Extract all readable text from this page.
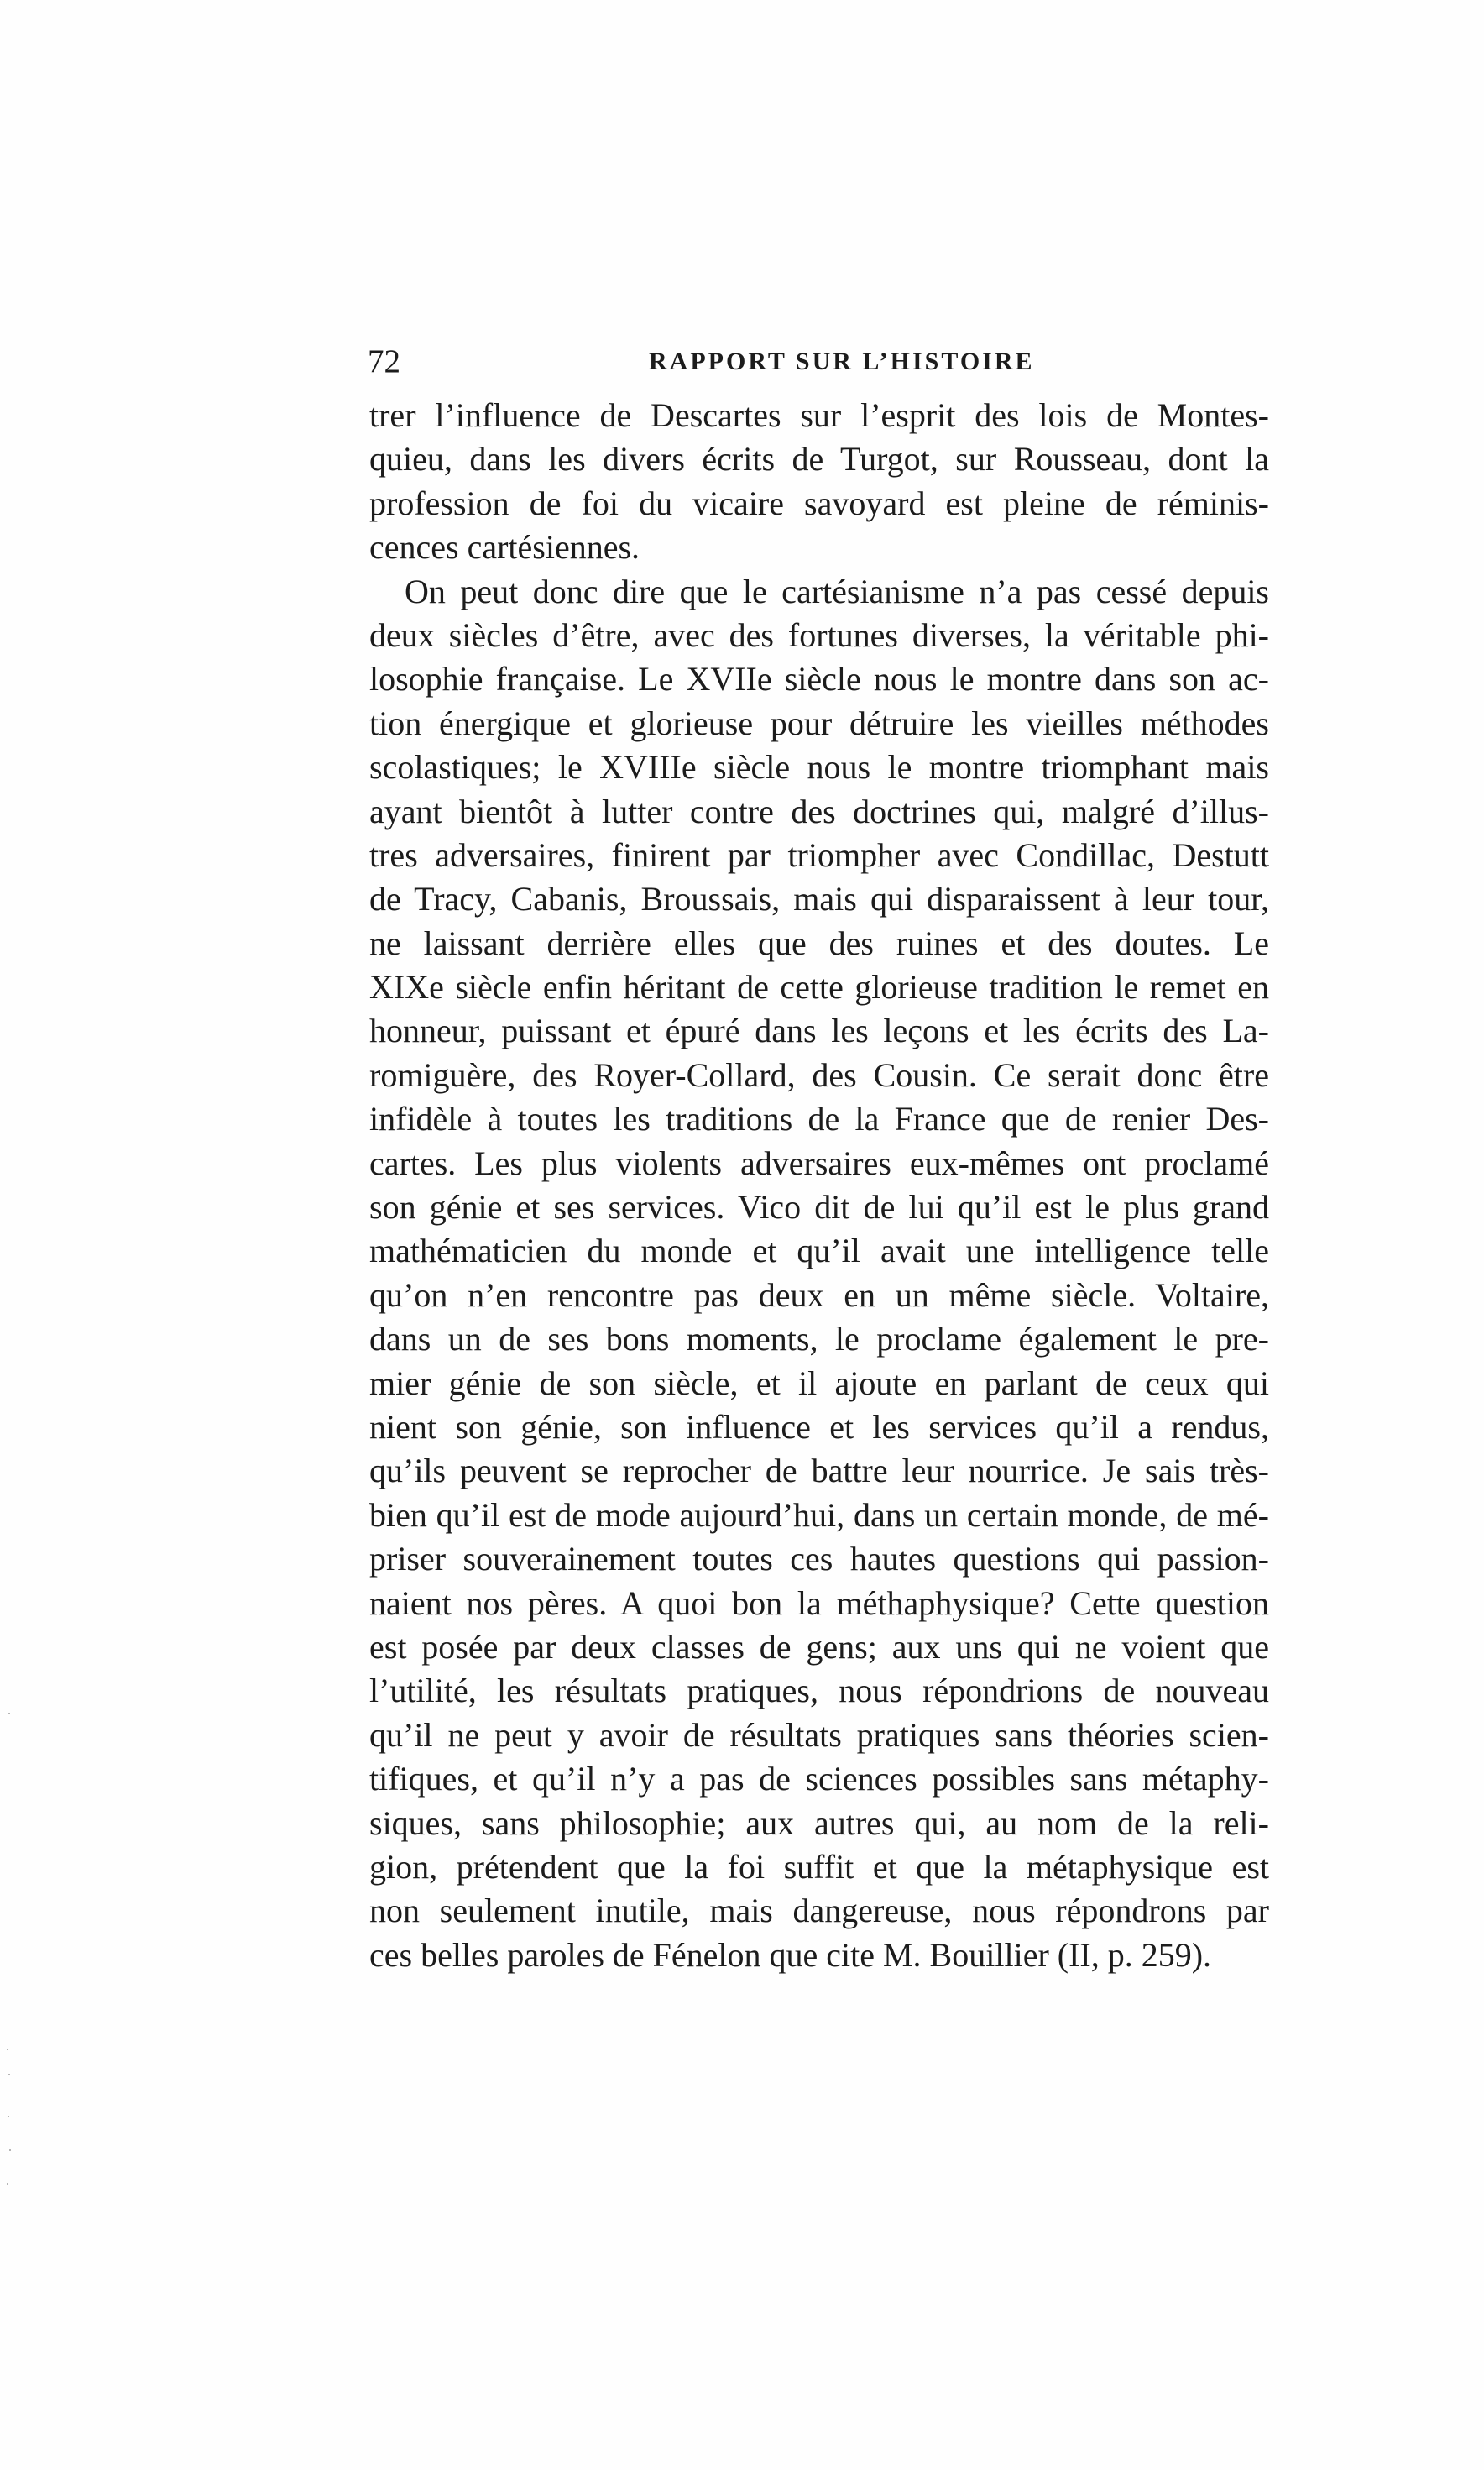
72	RAPPORT SUR L’HISTOIRE
trer l’influence de Descartes sur l’esprit des lois de Montes-
quieu, dans les divers écrits de Turgot, sur Rousseau, dont la
profession de foi du vicaire savoyard est pleine de réminis-
cences cartésiennes.
On peut donc dire que le cartésianisme n’a pas cessé depuis
deux siècles d’être, avec des fortunes diverses, la véritable phi-
losophie française. Le XVIIe siècle nous le montre dans son ac-
tion énergique et glorieuse pour détruire les vieilles méthodes
scolastiques; le XVIIIe siècle nous le montre triomphant mais
ayant bientôt à lutter contre des doctrines qui, malgré d’illus-
tres adversaires, finirent par triompher avec Condillac, Destutt
de Tracy, Cabanis, Broussais, mais qui disparaissent à leur tour,
ne laissant derrière elles que des ruines et des doutes. Le
XIXe siècle enfin héritant de cette glorieuse tradition le remet en
honneur, puissant et épuré dans les leçons et les écrits des La-
romiguère, des Royer-Collard, des Cousin. Ce serait donc être
infidèle à toutes les traditions de la France que de renier Des-
cartes. Les plus violents adversaires eux-mêmes ont proclamé
son génie et ses services. Vico dit de lui qu’il est le plus grand
mathématicien du monde et qu’il avait une intelligence telle
qu’on n’en rencontre pas deux en un même siècle. Voltaire,
dans un de ses bons moments, le proclame également le pre-
mier génie de son siècle, et il ajoute en parlant de ceux qui
nient son génie, son influence et les services qu’il a rendus,
qu’ils peuvent se reprocher de battre leur nourrice. Je sais très-
bien qu’il est de mode aujourd’hui, dans un certain monde, de mé-
priser souverainement toutes ces hautes questions qui passion-
naient nos pères. A quoi bon la méthaphysique? Cette question
est posée par deux classes de gens; aux uns qui ne voient que
l’utilité, les résultats pratiques, nous répondrions de nouveau
qu’il ne peut y avoir de résultats pratiques sans théories scien-
tifiques, et qu’il n’y a pas de sciences possibles sans métaphy-
siques, sans philosophie; aux autres qui, au nom de la reli-
gion, prétendent que la foi suffit et que la métaphysique est
non seulement inutile, mais dangereuse, nous répondrons par
ces belles paroles de Fénelon que cite M. Bouillier (II, p. 259).
